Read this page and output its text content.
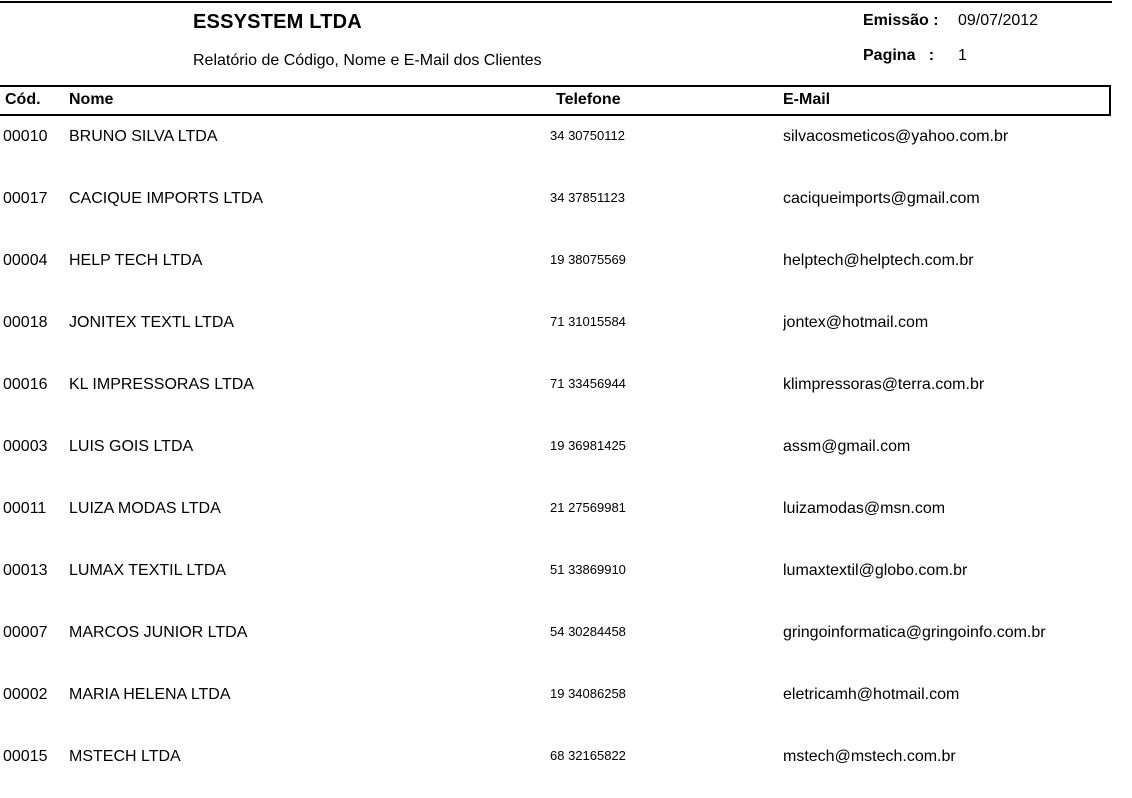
ESSYSTEM LTDA
Relatório de Código, Nome e E-Mail dos Clientes
Emissão : 09/07/2012
Pagina   : 1
Cód. Nome	Telefone	E-Mail
00010 BRUNO SILVA LTDA	34 30750112	silvacosmeticos@yahoo.com.br
00017 CACIQUE IMPORTS LTDA	34 37851123	caciqueimports@gmail.com
00004 HELP TECH LTDA	19 38075569	helptech@helptech.com.br
00018 JONITEX TEXTL LTDA	71 31015584	jontex@hotmail.com
00016 KL IMPRESSORAS LTDA	71 33456944	klimpressoras@terra.com.br
00003 LUIS GOIS LTDA	19 36981425	assm@gmail.com
00011 LUIZA MODAS LTDA	21 27569981	luizamodas@msn.com
00013 LUMAX TEXTIL LTDA	51 33869910	lumaxtextil@globo.com.br
00007 MARCOS JUNIOR LTDA	54 30284458	gringoinformatica@gringoinfo.com.br
00002 MARIA HELENA LTDA	19 34086258	eletricamh@hotmail.com
00015 MSTECH LTDA	68 32165822	mstech@mstech.com.br
